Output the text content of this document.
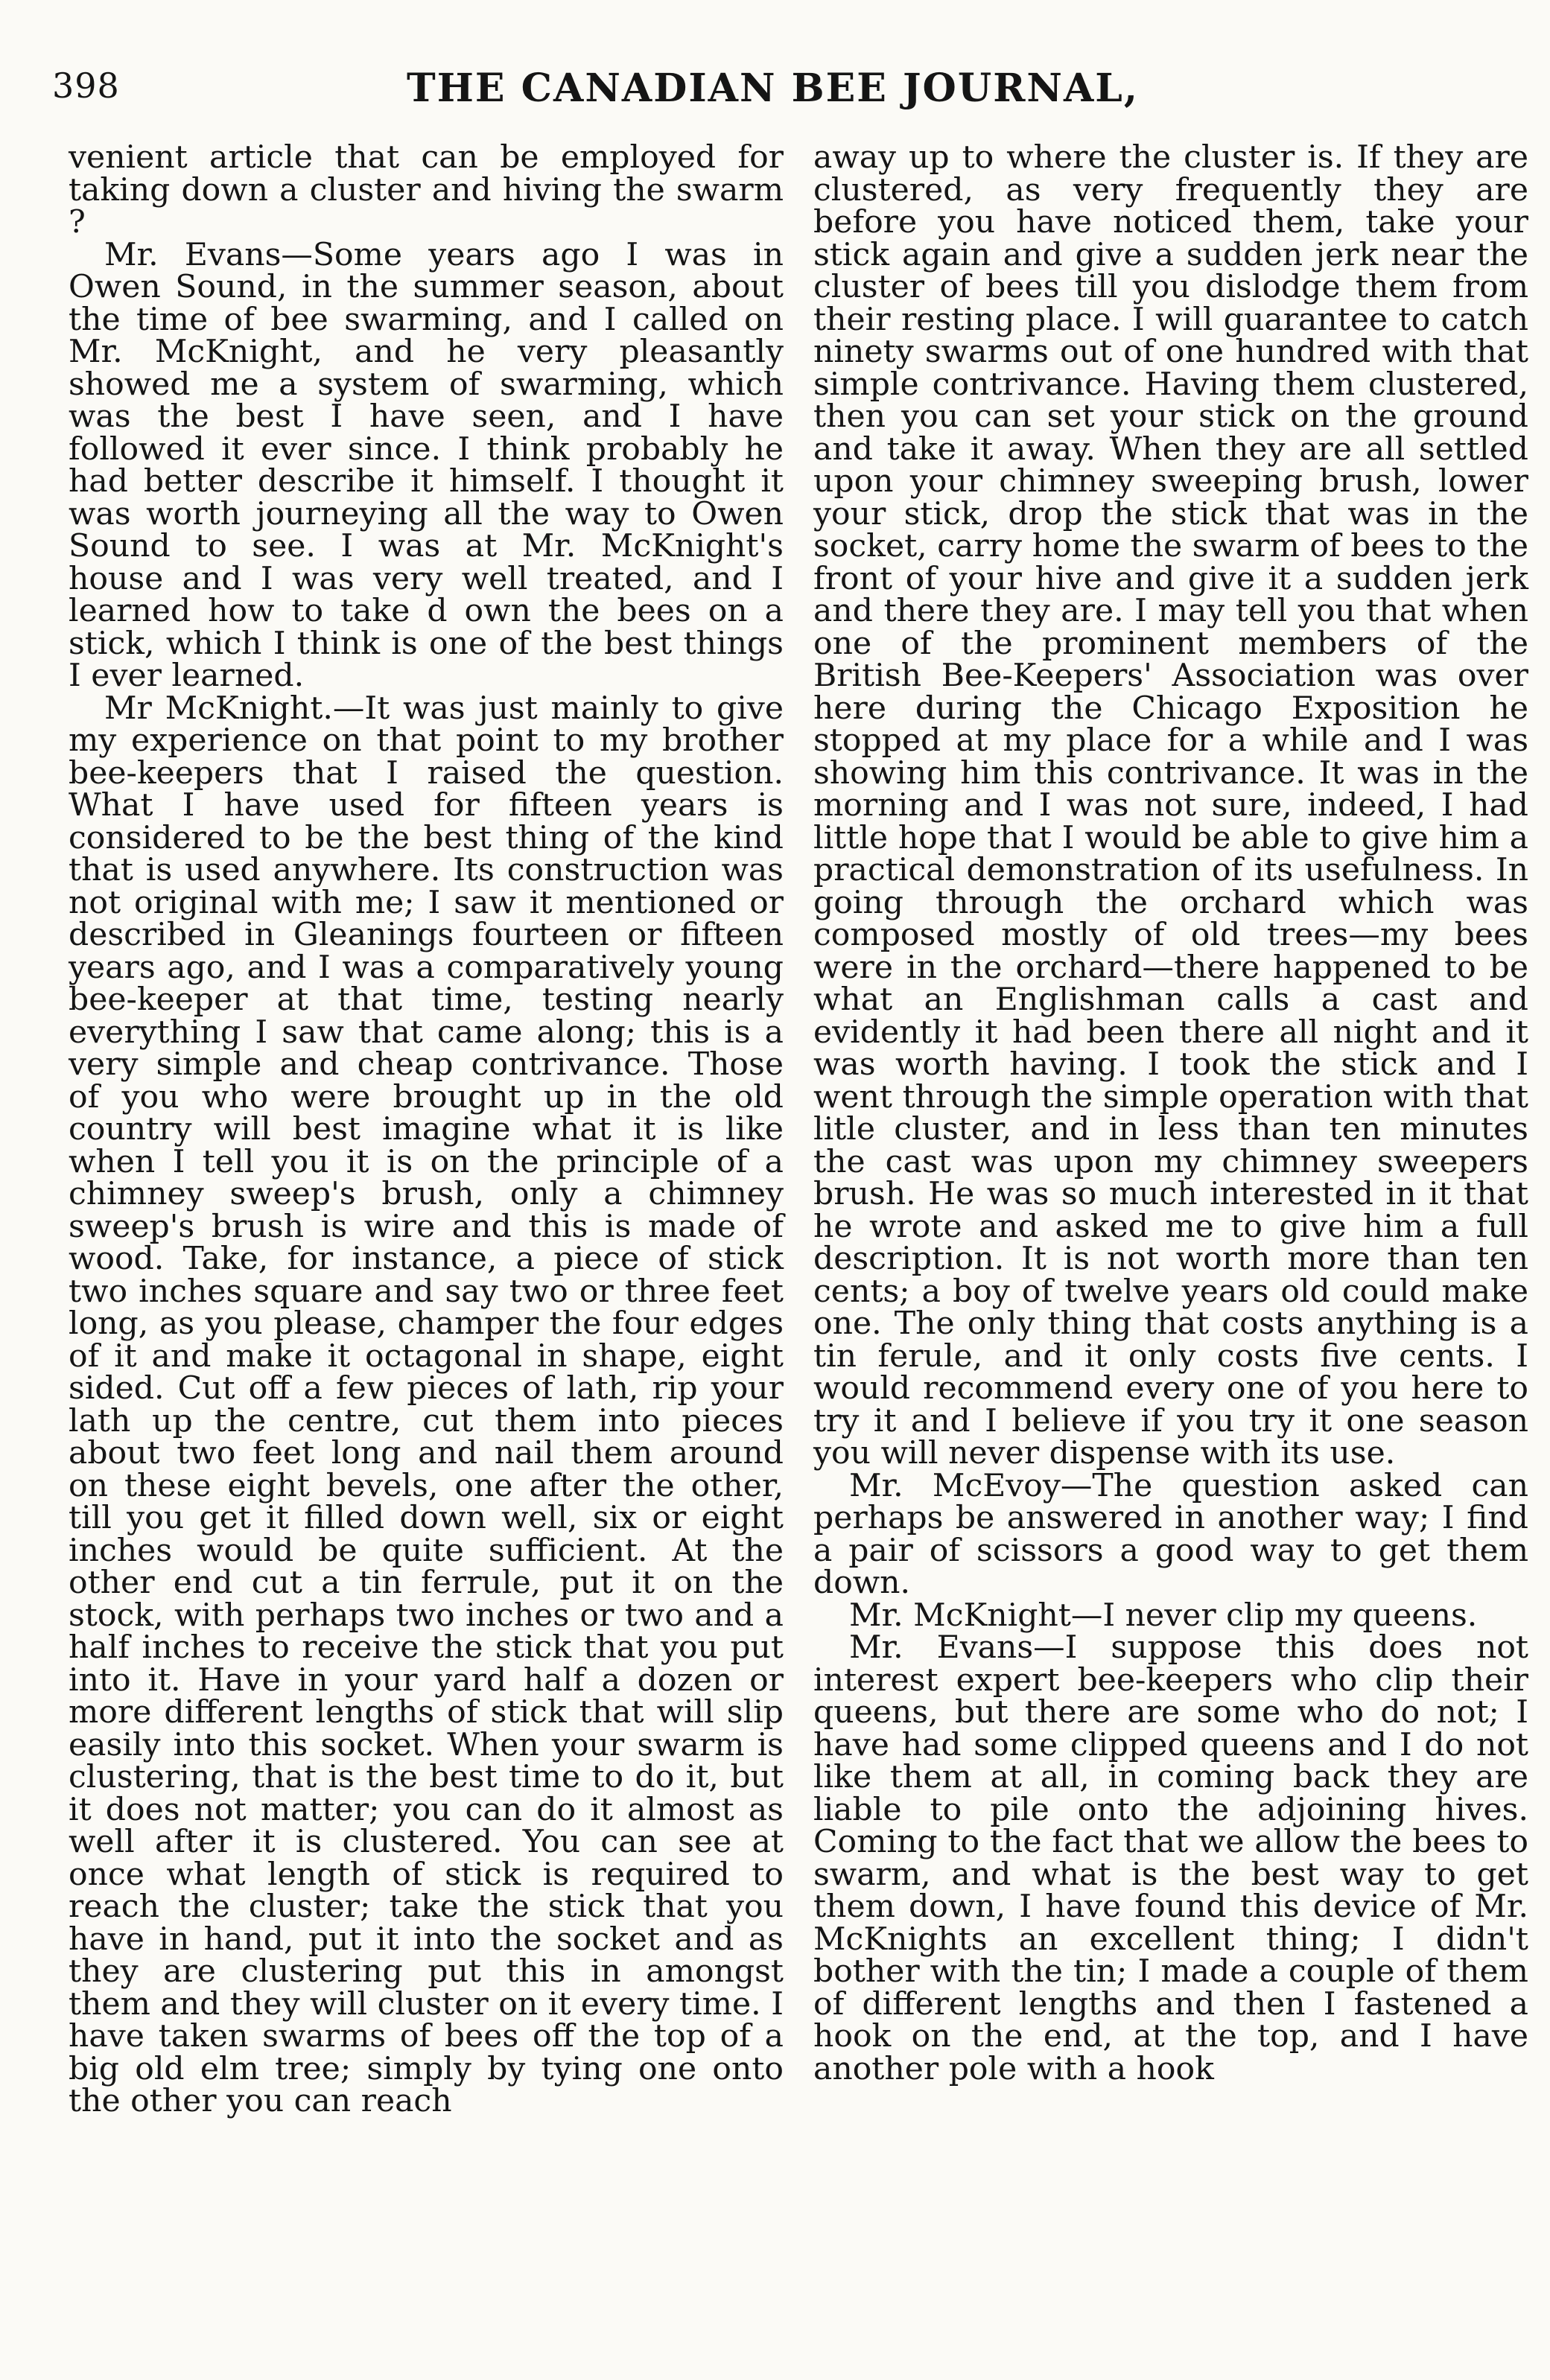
398	THE CANADIAN BEE JOURNAL,

venient article that can be employed for taking down a cluster and hiving the swarm ?

Mr. Evans—Some years ago I was in Owen Sound, in the summer season, about the time of bee swarming, and I called on Mr. McKnight, and he very pleasantly showed me a system of swarming, which was the best I have seen, and I have followed it ever since. I think probably he had better describe it himself. I thought it was worth journeying all the way to Owen Sound to see. I was at Mr. McKnight's house and I was very well treated, and I learned how to take d own the bees on a stick, which I think is one of the best things I ever learned.

Mr McKnight.—It was just mainly to give my experience on that point to my brother bee-keepers that I raised the question. What I have used for fifteen years is considered to be the best thing of the kind that is used anywhere. Its construction was not original with me; I saw it mentioned or described in Gleanings fourteen or fifteen years ago, and I was a comparatively young bee-keeper at that time, testing nearly everything I saw that came along; this is a very simple and cheap contrivance. Those of you who were brought up in the old country will best imagine what it is like when I tell you it is on the principle of a chimney sweep's brush, only a chimney sweep's brush is wire and this is made of wood. Take, for instance, a piece of stick two inches square and say two or three feet long, as you please, champer the four edges of it and make it octagonal in shape, eight sided. Cut off a few pieces of lath, rip your lath up the centre, cut them into pieces about two feet long and nail them around on these eight bevels, one after the other, till you get it filled down well, six or eight inches would be quite sufficient. At the other end cut a tin ferrule, put it on the stock, with perhaps two inches or two and a half inches to receive the stick that you put into it. Have in your yard half a dozen or more different lengths of stick that will slip easily into this socket. When your swarm is clustering, that is the best time to do it, but it does not matter; you can do it almost as well after it is clustered. You can see at once what length of stick is required to reach the cluster; take the stick that you have in hand, put it into the socket and as they are clustering put this in amongst them and they will cluster on it every time. I have taken swarms of bees off the top of a big old elm tree; simply by tying one onto the other you can reach

away up to where the cluster is. If they are clustered, as very frequently they are before you have noticed them, take your stick again and give a sudden jerk near the cluster of bees till you dislodge them from their resting place. I will guarantee to catch ninety swarms out of one hundred with that simple contrivance. Having them clustered, then you can set your stick on the ground and take it away. When they are all settled upon your chimney sweeping brush, lower your stick, drop the stick that was in the socket, carry home the swarm of bees to the front of your hive and give it a sudden jerk and there they are. I may tell you that when one of the prominent members of the British Bee-Keepers' Association was over here during the Chicago Exposition he stopped at my place for a while and I was showing him this contrivance. It was in the morning and I was not sure, indeed, I had little hope that I would be able to give him a practical demonstration of its usefulness. In going through the orchard which was composed mostly of old trees—my bees were in the orchard—there happened to be what an Englishman calls a cast and evidently it had been there all night and it was worth having. I took the stick and I went through the simple operation with that litle cluster, and in less than ten minutes the cast was upon my chimney sweepers brush. He was so much interested in it that he wrote and asked me to give him a full description. It is not worth more than ten cents; a boy of twelve years old could make one. The only thing that costs anything is a tin ferule, and it only costs five cents. I would recommend every one of you here to try it and I believe if you try it one season you will never dispense with its use.

Mr. McEvoy—The question asked can perhaps be answered in another way; I find a pair of scissors a good way to get them down.

Mr. McKnight—I never clip my queens.

Mr. Evans—I suppose this does not interest expert bee-keepers who clip their queens, but there are some who do not; I have had some clipped queens and I do not like them at all, in coming back they are liable to pile onto the adjoining hives. Coming to the fact that we allow the bees to swarm, and what is the best way to get them down, I have found this device of Mr. McKnights an excellent thing; I didn't bother with the tin; I made a couple of them of different lengths and then I fastened a hook on the end, at the top, and I have another pole with a hook
